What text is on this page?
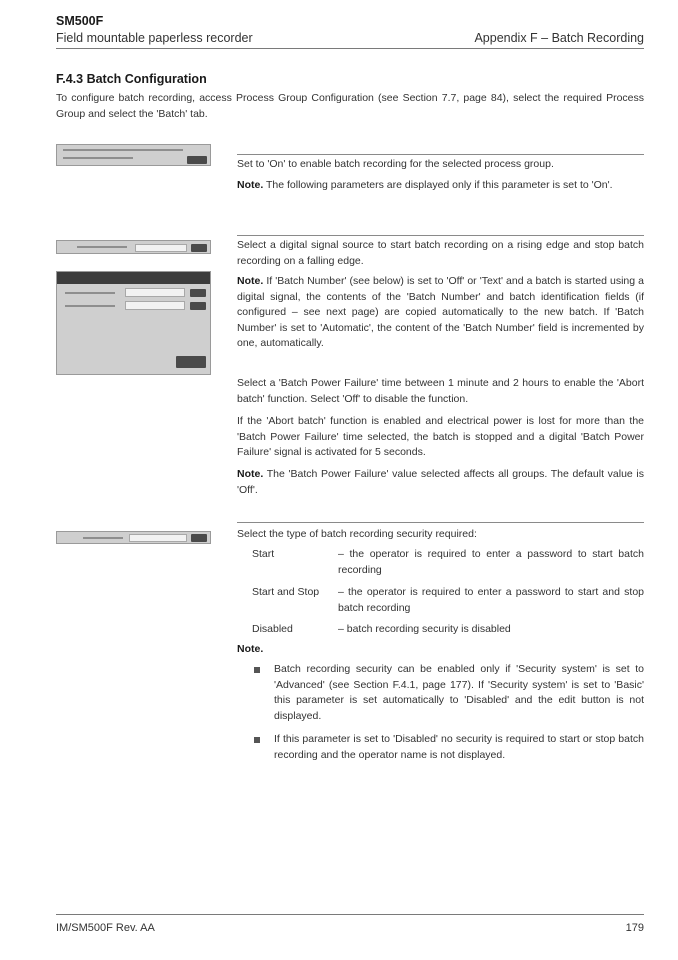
SM500F
Field mountable paperless recorder	Appendix F – Batch Recording
F.4.3 Batch Configuration
To configure batch recording, access Process Group Configuration (see Section 7.7, page 84), select the required Process Group and select the 'Batch' tab.

Set to 'On' to enable batch recording for the selected process group.

Note. The following parameters are displayed only if this parameter is set to 'On'.

Select a digital signal source to start batch recording on a rising edge and stop batch recording on a falling edge.

Note. If 'Batch Number' (see below) is set to 'Off' or 'Text' and a batch is started using a digital signal, the contents of the 'Batch Number' and batch identification fields (if configured – see next page) are copied automatically to the new batch. If 'Batch Number' is set to 'Automatic', the content of the 'Batch Number' field is incremented by one, automatically.

Select a 'Batch Power Failure' time between 1 minute and 2 hours to enable the 'Abort batch' function. Select 'Off' to disable the function.

If the 'Abort batch' function is enabled and electrical power is lost for more than the 'Batch Power Failure' time selected, the batch is stopped and a digital 'Batch Power Failure' signal is activated for 5 seconds.

Note. The 'Batch Power Failure' value selected affects all groups. The default value is 'Off'.

Select the type of batch recording security required:

Start	– the operator is required to enter a password to start batch recording
Start and Stop – the operator is required to enter a password to start and stop batch recording
Disabled	– batch recording security is disabled

Note.

Batch recording security can be enabled only if 'Security system' is set to 'Advanced' (see Section F.4.1, page 177). If 'Security system' is set to 'Basic' this parameter is set automatically to 'Disabled' and the edit button is not displayed.
If this parameter is set to 'Disabled' no security is required to start or stop batch recording and the operator name is not displayed.
IM/SM500F Rev. AA	179
